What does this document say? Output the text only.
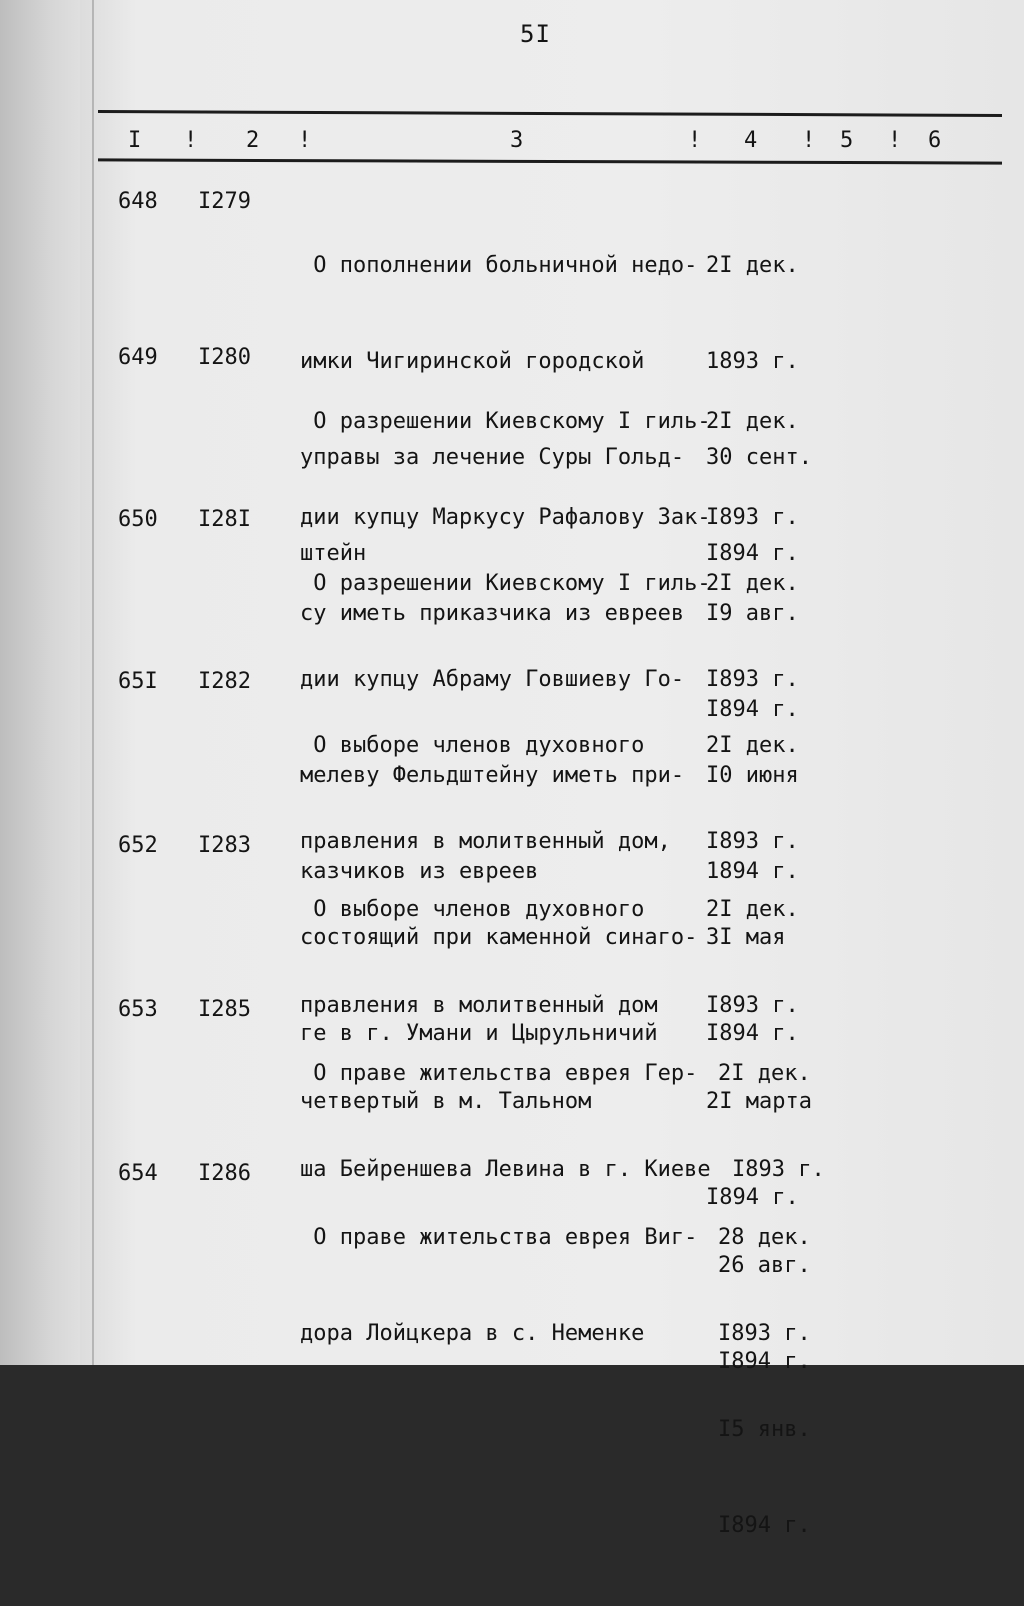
5I
I ! 2 !	3	! 4 ! 5 ! 6
648 I279

О пополнении больничной недо-

имки Чигиринской городской

управы за лечение Суры Гольд-

штейн

2I дек.

1893 г.

30 сент.

I894 г.

649 I280

О разрешении Киевскому I гиль-

дии купцу Маркусу Рафалову Зак-

су иметь приказчика из евреев

2I дек.

I893 г.

I9 авг.

I894 г.

650 I28I

О разрешении Киевскому I гиль-

дии купцу Абраму Говшиеву Го-

мелеву Фельдштейну иметь при-

казчиков из евреев

2I дек.

I893 г.

I0 июня

1894 г.

65I I282

О выборе членов духовного

правления в молитвенный дом,

состоящий при каменной синаго-

ге в г. Умани и Цырульничий

2I дек.

I893 г.

3I мая

I894 г.

652 I283

О выборе членов духовного

правления в молитвенный дом

четвертый в м. Тальном

2I дек.

I893 г.

2I марта

I894 г.

653 I285

О праве жительства еврея Гер-

ша Бейреншева Левина в г. Киеве

2I дек.

I893 г.

26 авг.

I894 г.

654 I286

О праве жительства еврея Виг-

дора Лойцкера в с. Неменке

28 дек.

I893 г.

I5 янв.

I894 г.
